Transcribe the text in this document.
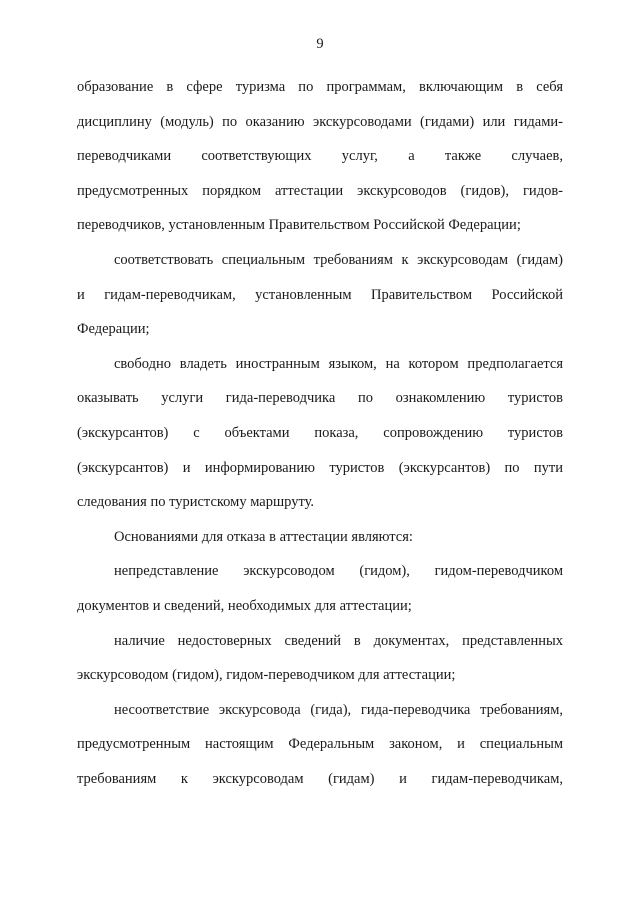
9
образование в сфере туризма по программам, включающим в себя
дисциплину (модуль) по оказанию экскурсоводами (гидами) или гидами-
переводчиками соответствующих услуг, а также случаев,
предусмотренных порядком аттестации экскурсоводов (гидов), гидов-
переводчиков, установленным Правительством Российской Федерации;
соответствовать специальным требованиям к экскурсоводам (гидам)
и гидам-переводчикам, установленным Правительством Российской
Федерации;
свободно владеть иностранным языком, на котором предполагается
оказывать услуги гида-переводчика по ознакомлению туристов
(экскурсантов) с объектами показа, сопровождению туристов
(экскурсантов) и информированию туристов (экскурсантов) по пути
следования по туристскому маршруту.
Основаниями для отказа в аттестации являются:
непредставление экскурсоводом (гидом), гидом-переводчиком
документов и сведений, необходимых для аттестации;
наличие недостоверных сведений в документах, представленных
экскурсоводом (гидом), гидом-переводчиком для аттестации;
несоответствие экскурсовода (гида), гида-переводчика требованиям,
предусмотренным настоящим Федеральным законом, и специальным
требованиям к экскурсоводам (гидам) и гидам-переводчикам,
